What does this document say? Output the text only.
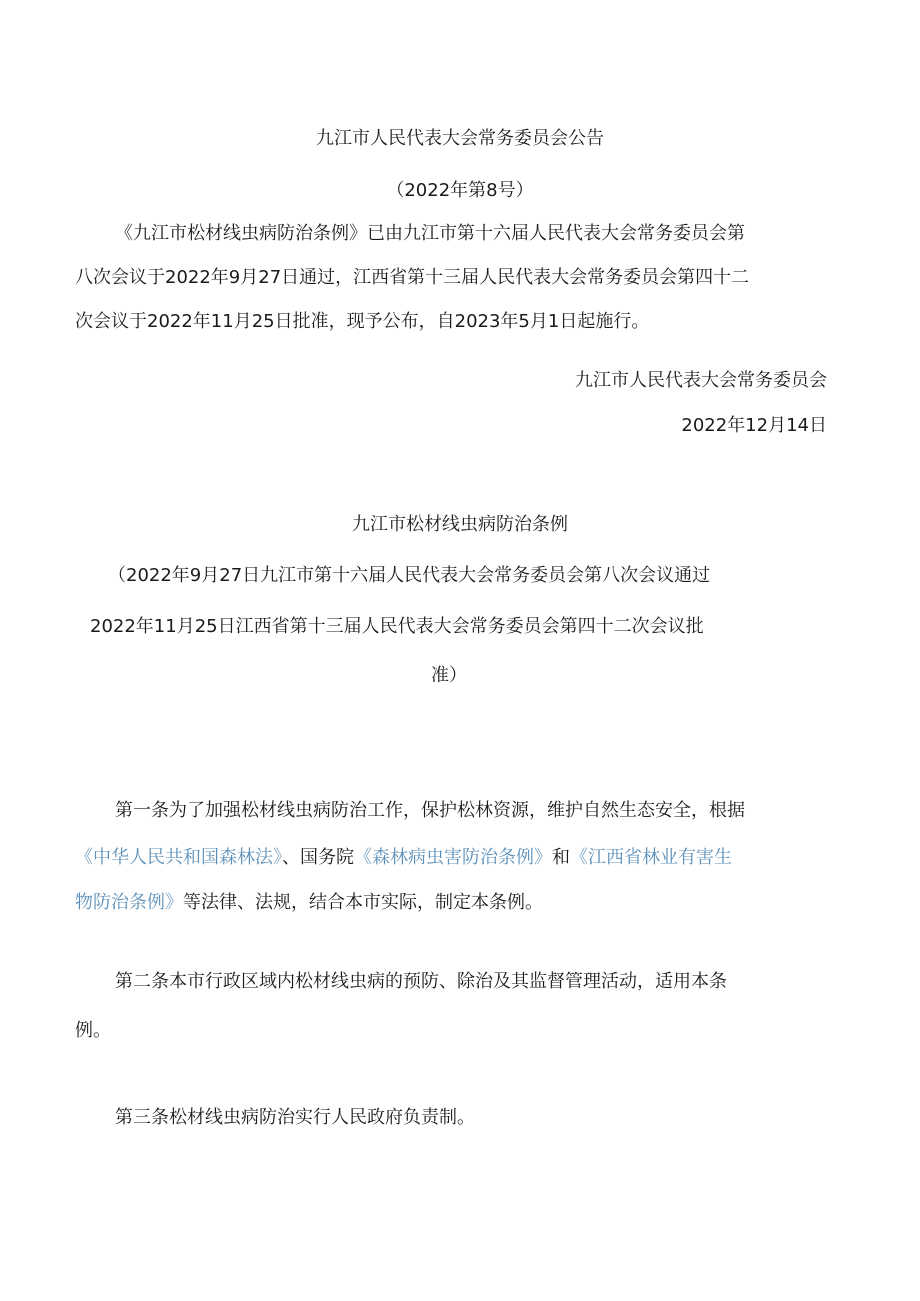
九江市人民代表大会常务委员会公告
（2022年第8号）
《九江市松材线虫病防治条例》已由九江市第十六届人民代表大会常务委员会第
八次会议于2022年9月27日通过，江西省第十三届人民代表大会常务委员会第四十二
次会议于2022年11月25日批准，现予公布，自2023年5月1日起施行。
九江市人民代表大会常务委员会
2022年12月14日
九江市松材线虫病防治条例
（2022年9月27日九江市第十六届人民代表大会常务委员会第八次会议通过
2022年11月25日江西省第十三届人民代表大会常务委员会第四十二次会议批
准）
第一条为了加强松材线虫病防治工作，保护松林资源，维护自然生态安全，根据
《中华人民共和国森林法》、国务院《森林病虫害防治条例》和《江西省林业有害生
物防治条例》等法律、法规，结合本市实际，制定本条例。
第二条本市行政区域内松材线虫病的预防、除治及其监督管理活动，适用本条
例。
第三条松材线虫病防治实行人民政府负责制。
